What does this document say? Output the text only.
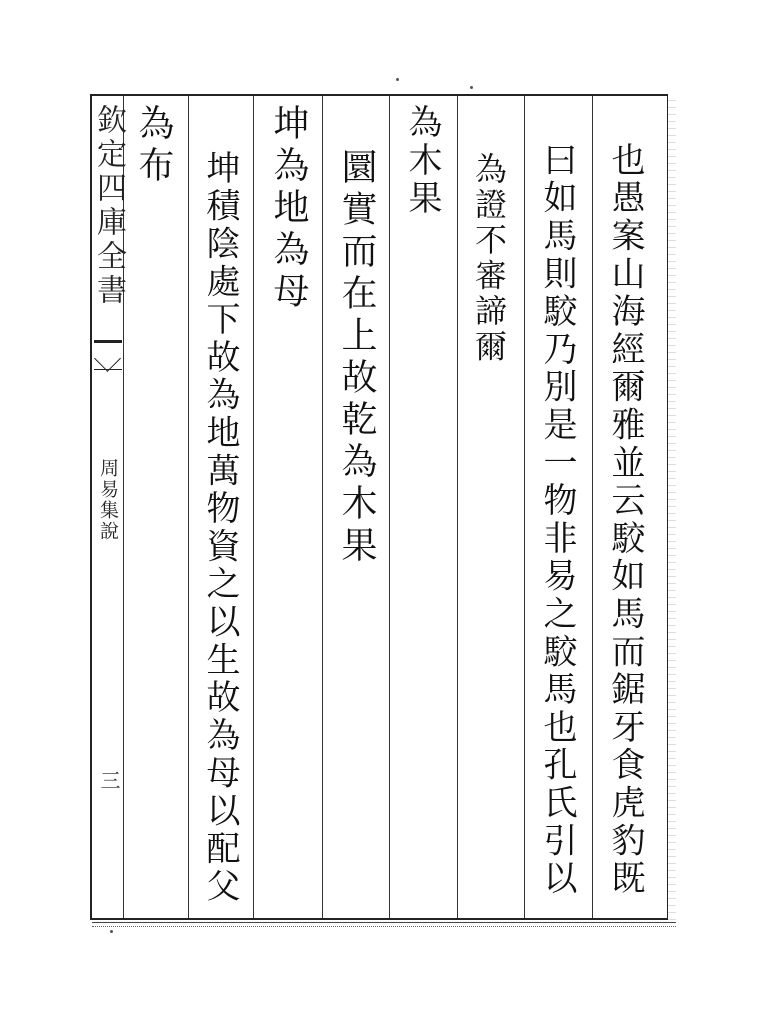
欽定四庫全書
周易集說
三	也愚案山海經爾雅並云駮如馬而鋸牙食虎豹既
曰如馬則駮乃別是一物非易之駮馬也孔氏引以
為證不審諦爾
為木果
圜實而在上故乾為木果
坤為地為母
坤積陰處下故為地萬物資之以生故為母以配父
為布
